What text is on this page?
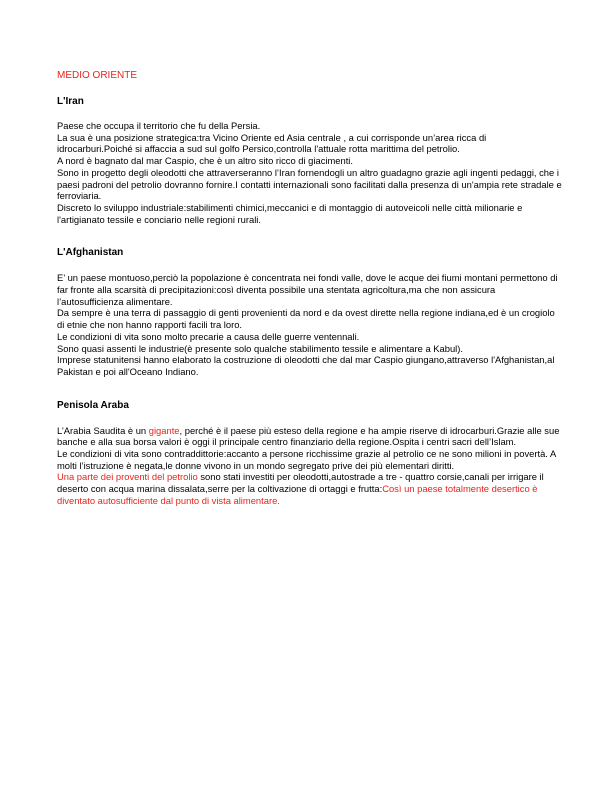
MEDIO ORIENTE
L'Iran

Paese che occupa il territorio che fu della Persia.

La sua è una posizione strategica:tra Vicino Oriente ed Asia centrale , a cui corrisponde un’area ricca di idrocarburi.Poiché si affaccia a sud sul golfo Persico,controlla l'attuale rotta marittima del petrolio.

A nord è bagnato dal mar Caspio, che è un altro sito ricco di giacimenti.

Sono in progetto degli oleodotti che attraverseranno l’Iran fornendogli un altro guadagno grazie agli ingenti pedaggi, che i paesi padroni del petrolio dovranno fornire.I contatti internazionali sono facilitati dalla presenza di un'ampia rete stradale e ferroviaria.

Discreto lo sviluppo industriale:stabilimenti chimici,meccanici e di montaggio di autoveicoli nelle città milionarie e l'artigianato tessile e conciario nelle regioni rurali.

L'Afghanistan

E’ un paese montuoso,perciò la popolazione è concentrata nei fondi valle, dove le acque dei fiumi montani permettono di far fronte alla scarsità di precipitazioni:così diventa possibile una stentata agricoltura,ma che non assicura l’autosufficienza alimentare.

Da sempre è una terra di passaggio di genti provenienti da nord e da ovest dirette nella regione indiana,ed è un crogiolo di etnie che non hanno rapporti facili tra loro.

Le condizioni di vita sono molto precarie a causa delle guerre ventennali.

Sono quasi assenti le industrie(è presente solo qualche stabilimento tessile e alimentare a Kabul).

Imprese statunitensi hanno elaborato la costruzione di oleodotti che dal mar Caspio giungano,attraverso l'Afghanistan,al Pakistan e poi all'Oceano Indiano.

Penisola Araba

L’Arabia Saudita è un gigante, perché è il paese più esteso della regione e ha ampie riserve di idrocarburi.Grazie alle sue banche e alla sua borsa valori è oggi il principale centro finanziario della regione.Ospita i centri sacri dell’Islam.

Le condizioni di vita sono contraddittorie:accanto a persone ricchissime grazie al petrolio ce ne sono milioni in povertà. A molti l’istruzione è negata,le donne vivono in un mondo segregato prive dei più elementari diritti.

Una parte dei proventi del petrolio sono stati investiti per oleodotti,autostrade a tre - quattro corsie,canali per irrigare il deserto con acqua marina dissalata,serre per la coltivazione di ortaggi e frutta:Così un paese totalmente desertico è diventato autosufficiente dal punto di vista alimentare.
